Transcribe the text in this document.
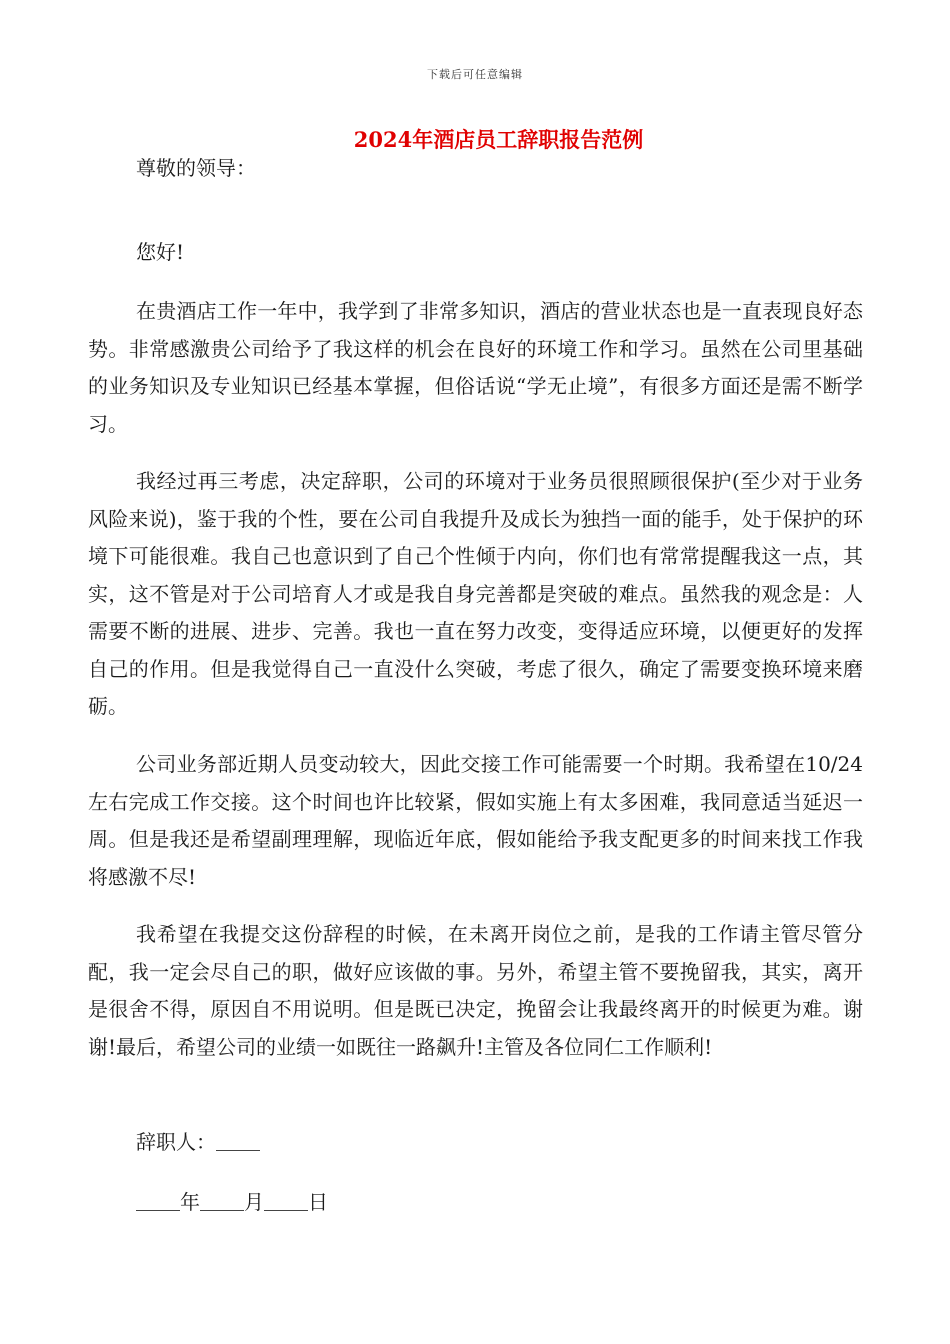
下载后可任意编辑
2024年酒店员工辞职报告范例

尊敬的领导：

您好!

在贵酒店工作一年中，我学到了非常多知识，酒店的营业状态也是一直表现良好态势。非常感激贵公司给予了我这样的机会在良好的环境工作和学习。虽然在公司里基础的业务知识及专业知识已经基本掌握，但俗话说“学无止境”，有很多方面还是需不断学习。

我经过再三考虑，决定辞职，公司的环境对于业务员很照顾很保护(至少对于业务风险来说)，鉴于我的个性，要在公司自我提升及成长为独挡一面的能手，处于保护的环境下可能很难。我自己也意识到了自己个性倾于内向，你们也有常常提醒我这一点，其实，这不管是对于公司培育人才或是我自身完善都是突破的难点。虽然我的观念是：人需要不断的进展、进步、完善。我也一直在努力改变，变得适应环境，以便更好的发挥自己的作用。但是我觉得自己一直没什么突破，考虑了很久，确定了需要变换环境来磨砺。

公司业务部近期人员变动较大，因此交接工作可能需要一个时期。我希望在10/24左右完成工作交接。这个时间也许比较紧，假如实施上有太多困难，我同意适当延迟一周。但是我还是希望副理理解，现临近年底，假如能给予我支配更多的时间来找工作我将感激不尽!

我希望在我提交这份辞程的时候，在未离开岗位之前，是我的工作请主管尽管分配，我一定会尽自己的职，做好应该做的事。另外，希望主管不要挽留我，其实，离开是很舍不得，原因自不用说明。但是既已决定，挽留会让我最终离开的时候更为难。谢谢!最后，希望公司的业绩一如既往一路飙升!主管及各位同仁工作顺利!

辞职人：

年 月 日
